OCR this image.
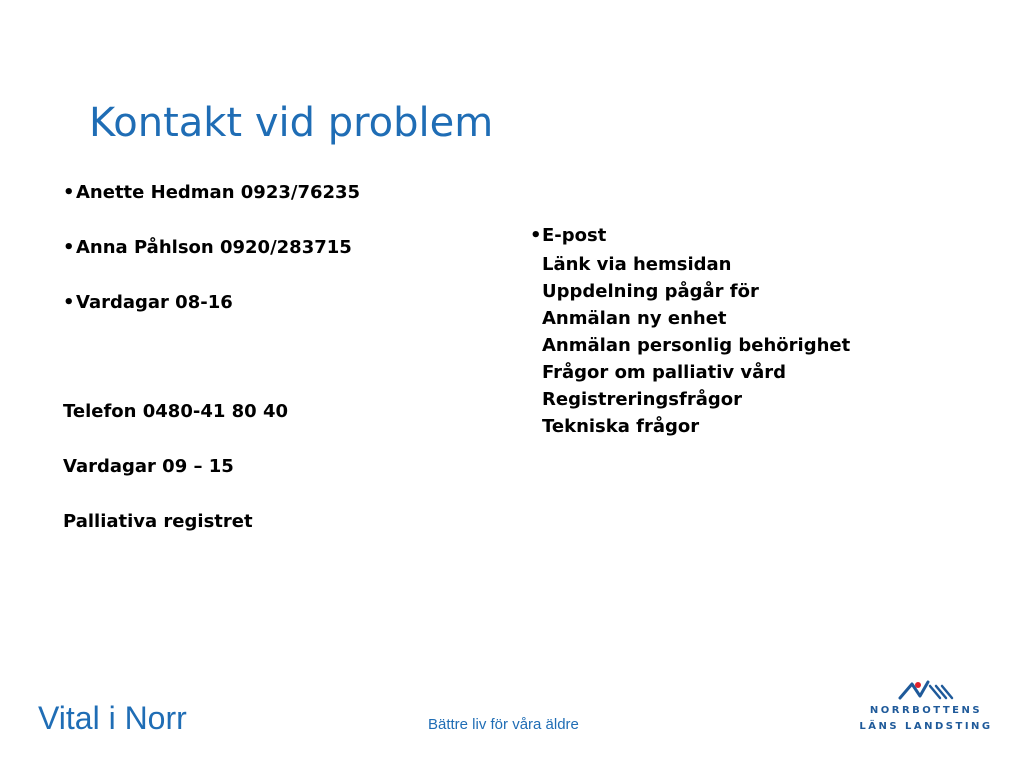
Kontakt vid problem
•Anette Hedman 0923/76235
•Anna Påhlson 0920/283715
•Vardagar 08-16
Telefon 0480-41 80 40
Vardagar 09 – 15
Palliativa registret
•E-post
Länk via hemsidan
Uppdelning pågår för
Anmälan ny enhet
Anmälan personlig behörighet
Frågor om palliativ vård
Registreringsfrågor
Tekniska frågor
Vital i Norr	Bättre liv för våra äldre
NORRBOTTENS
LÄNS LANDSTING
